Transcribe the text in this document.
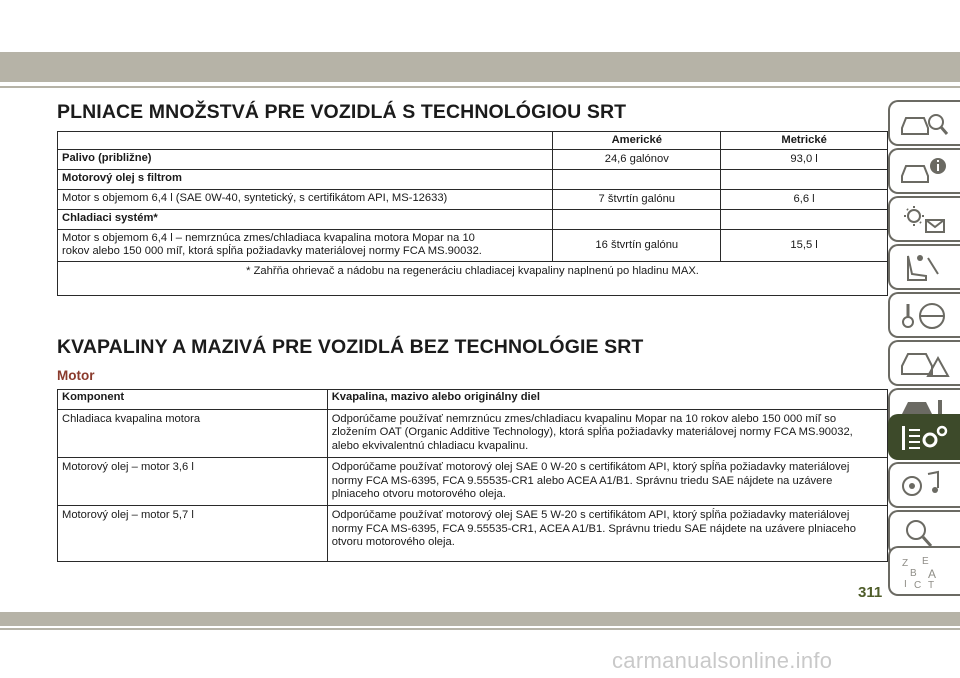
PLNIACE MNOŽSTVÁ PRE VOZIDLÁ S TECHNOLÓGIOU SRT
	Americké	Metrické
Palivo (približne)	24,6 galónov	93,0 l
Motorový olej s filtrom		
Motor s objemom 6,4 l (SAE 0W-40, syntetický, s certifikátom API, MS-12633)	7 štvrtín galónu	6,6 l
Chladiaci systém*		
Motor s objemom 6,4 l – nemrznúca zmes/chladiaca kvapalina motora Mopar na 10 rokov alebo 150 000 míľ, ktorá spĺňa požiadavky materiálovej normy FCA MS.90032.	16 štvrtín galónu	15,5 l
* Zahřňa ohrievač a nádobu na regeneráciu chladiacej kvapaliny naplnenú po hladinu MAX.		
KVAPALINY A MAZIVÁ PRE VOZIDLÁ BEZ TECHNOLÓGIE SRT
Motor
Komponent	Kvapalina, mazivo alebo originálny diel
Chladiaca kvapalina motora	Odporúčame používať nemrznúcu zmes/chladiacu kvapalinu Mopar na 10 rokov alebo 150 000 míľ so zložením OAT (Organic Additive Technology), ktorá spĺňa požiadavky materiálovej normy FCA MS.90032, alebo ekvivalentnú chladiacu kvapalinu.
Motorový olej – motor 3,6 l	Odporúčame používať motorový olej SAE 0 W-20 s certifikátom API, ktorý spĺňa požiadavky materiálovej normy FCA MS-6395, FCA 9.55535-CR1 alebo ACEA A1/B1. Správnu triedu SAE nájdete na uzávere plniaceho otvoru motorového oleja.
Motorový olej – motor 5,7 l	Odporúčame používať motorový olej SAE 5 W-20 s certifikátom API, ktorý spĺňa požiadavky materiálovej normy FCA MS-6395, FCA 9.55535-CR1, ACEA A1/B1. Správnu triedu SAE nájdete na uzávere plniaceho otvoru motorového oleja.
Z E
B A
I C T
311
carmanualsonline.info
